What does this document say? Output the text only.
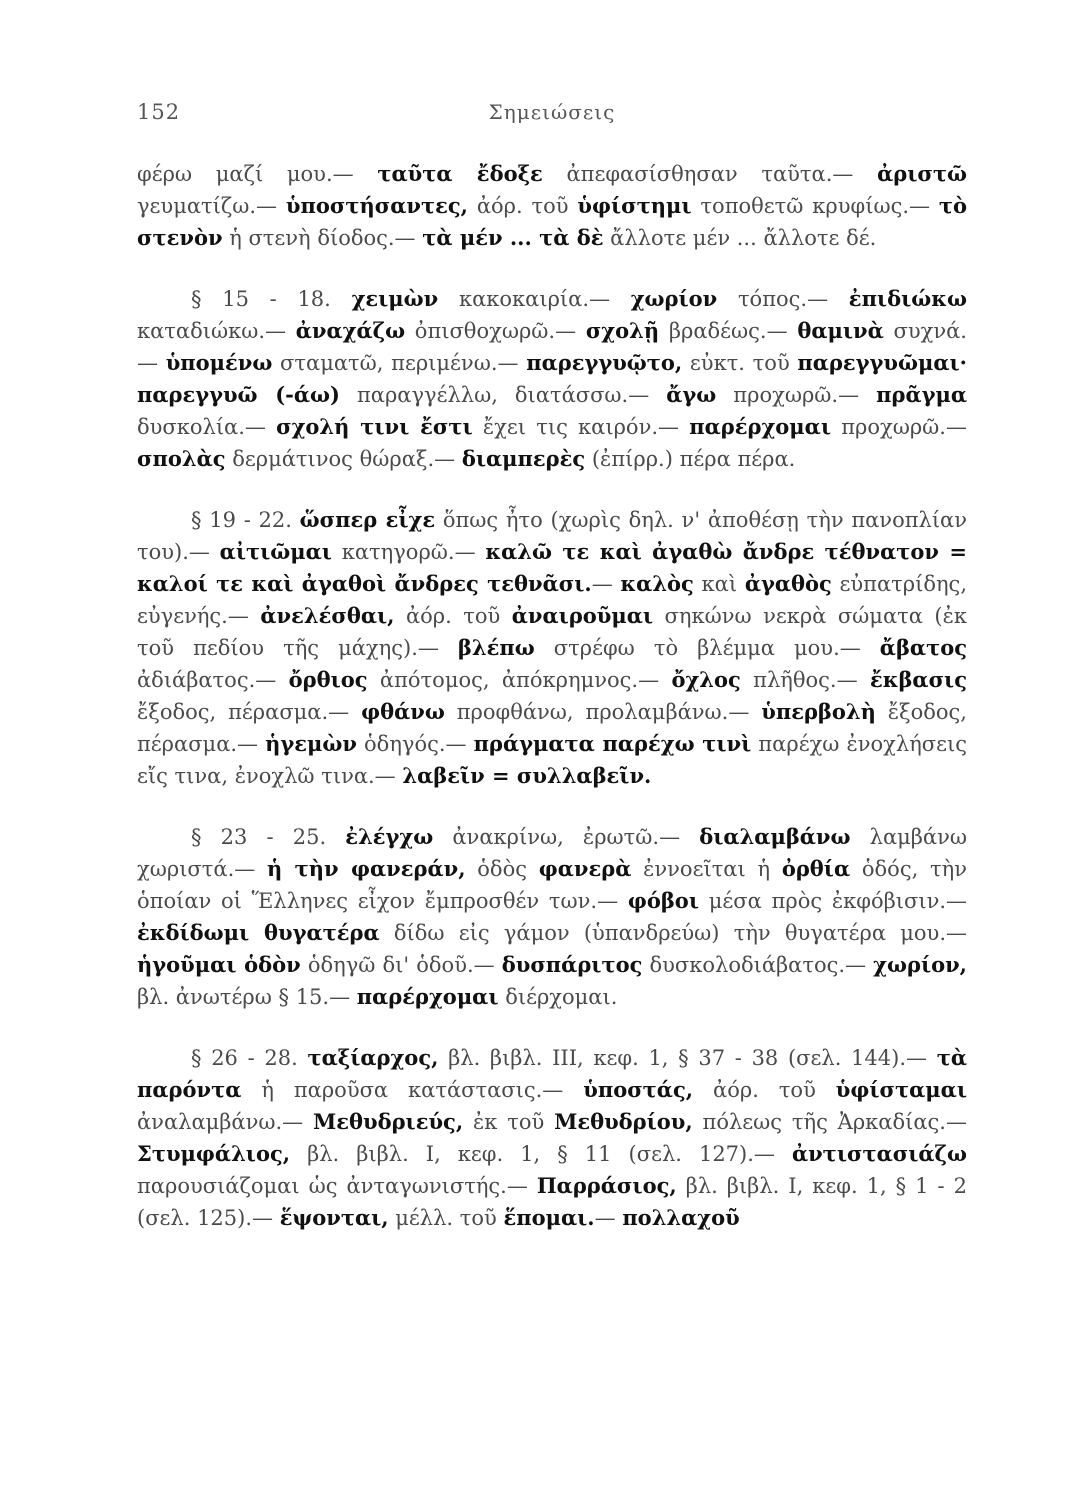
152	Σημειώσεις

φέρω μαζί μου.— ταῦτα ἔδοξε ἀπεφασίσθησαν ταῦτα.— ἀριστῶ γευματίζω.— ὑποστήσαντες, ἀόρ. τοῦ ὑφίστημι τοποθετῶ κρυφίως.— τὸ στενὸν ἡ στενὴ δίοδος.— τὰ μέν ... τὰ δὲ ἄλλοτε μέν ... ἄλλοτε δέ.

§ 15 - 18. χειμὼν κακοκαιρία.— χωρίον τόπος.— ἐπιδιώκω καταδιώκω.— ἀναχάζω ὀπισθοχωρῶ.— σχολῇ βραδέως.— θαμινὰ συχνά.— ὑπομένω σταματῶ, περιμένω.— παρεγγυῷτο, εὐκτ. τοῦ παρεγγυῶμαι· παρεγγυῶ (-άω) παραγγέλλω, διατάσσω.— ἄγω προχωρῶ.— πρᾶγμα δυσκολία.— σχολή τινι ἔστι ἔχει τις καιρόν.— παρέρχομαι προχωρῶ.— σπολὰς δερμάτινος θώραξ.— διαμπερὲς (ἐπίρρ.) πέρα πέρα.

§ 19 - 22. ὥσπερ εἶχε ὅπως ἦτο (χωρὶς δηλ. ν' ἀποθέσῃ τὴν πανοπλίαν του).— αἰτιῶμαι κατηγορῶ.— καλῶ τε καὶ ἀγαθὼ ἄνδρε τέθνατον = καλοί τε καὶ ἀγαθοὶ ἄνδρες τεθνᾶσι.— καλὸς καὶ ἀγαθὸς εὐπατρίδης, εὐγενής.— ἀνελέσθαι, ἀόρ. τοῦ ἀναιροῦμαι σηκώνω νεκρὰ σώματα (ἐκ τοῦ πεδίου τῆς μάχης).— βλέπω στρέφω τὸ βλέμμα μου.— ἄβατος ἀδιάβατος.— ὄρθιος ἀπότομος, ἀπόκρημνος.— ὄχλος πλῆθος.— ἔκβασις ἔξοδος, πέρασμα.— φθάνω προφθάνω, προλαμβάνω.— ὑπερβολὴ ἔξοδος, πέρασμα.— ἡγεμὼν ὁδηγός.— πράγματα παρέχω τινὶ παρέχω ἐνοχλήσεις εἴς τινα, ἐνοχλῶ τινα.— λαβεῖν = συλλαβεῖν.

§ 23 - 25. ἐλέγχω ἀνακρίνω, ἐρωτῶ.— διαλαμβάνω λαμβάνω χωριστά.— ἡ τὴν φανεράν, ὁδὸς φανερὰ ἐννοεῖται ἡ ὀρθία ὁδός, τὴν ὁποίαν οἱ Ἕλληνες εἶχον ἔμπροσθέν των.— φόβοι μέσα πρὸς ἐκφόβισιν.— ἐκδίδωμι θυγατέρα δίδω εἰς γάμον (ὑπανδρεύω) τὴν θυγατέρα μου.— ἡγοῦμαι ὁδὸν ὁδηγῶ δι' ὁδοῦ.— δυσπάριτος δυσκολοδιάβατος.— χωρίον, βλ. ἀνωτέρω § 15.— παρέρχομαι διέρχομαι.

§ 26 - 28. ταξίαρχος, βλ. βιβλ. III, κεφ. 1, § 37 - 38 (σελ. 144).— τὰ παρόντα ἡ παροῦσα κατάστασις.— ὑποστάς, ἀόρ. τοῦ ὑφίσταμαι ἀναλαμβάνω.— Μεθυδριεύς, ἐκ τοῦ Μεθυδρίου, πόλεως τῆς Ἀρκαδίας.— Στυμφάλιος, βλ. βιβλ. I, κεφ. 1, § 11 (σελ. 127).— ἀντιστασιάζω παρουσιάζομαι ὡς ἀνταγωνιστής.— Παρράσιος, βλ. βιβλ. I, κεφ. 1, § 1 - 2 (σελ. 125).— ἕψονται, μέλλ. τοῦ ἕπομαι.— πολλαχοῦ
